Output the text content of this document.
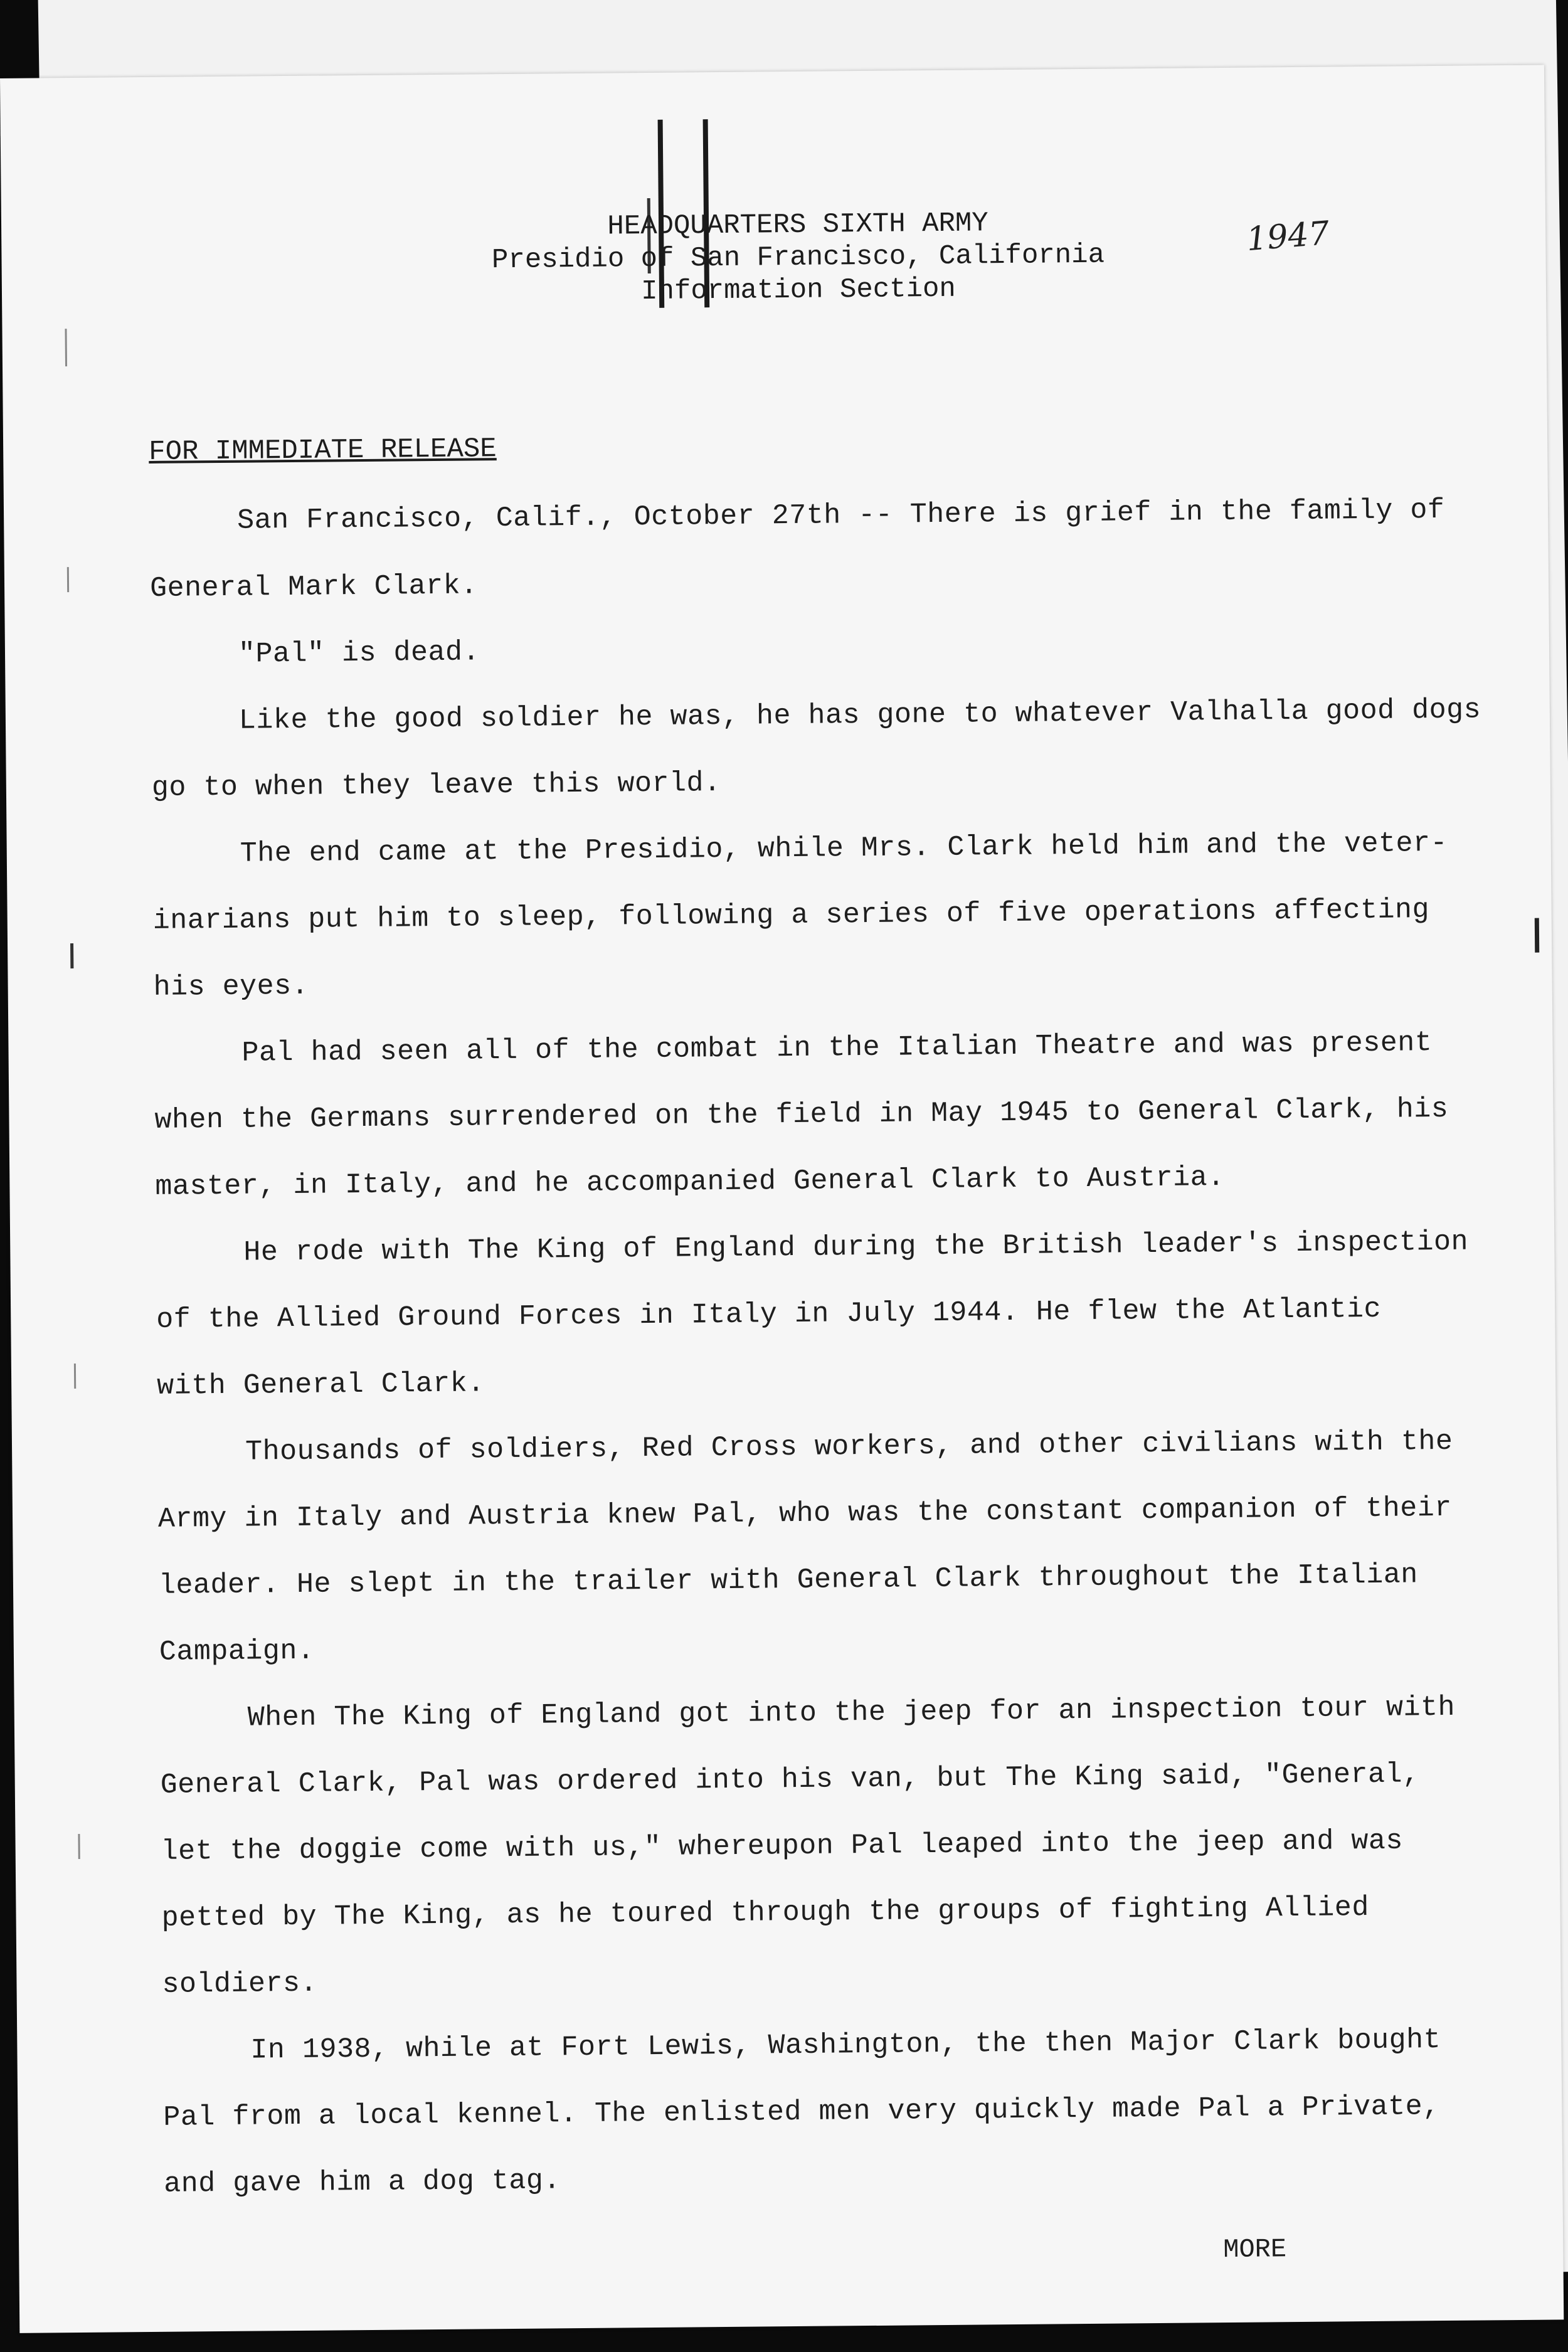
1947
HEADQUARTERS SIXTH ARMY
Presidio of San Francisco, California
Information Section
FOR IMMEDIATE RELEASE
San Francisco, Calif., October 27th -- There is grief in the family of
General Mark Clark.
"Pal" is dead.
Like the good soldier he was, he has gone to whatever Valhalla good dogs
go to when they leave this world.
The end came at the Presidio, while Mrs. Clark held him and the veter-
inarians put him to sleep, following a series of five operations affecting
his eyes.
Pal had seen all of the combat in the Italian Theatre and was present
when the Germans surrendered on the field in May 1945 to General Clark, his
master, in Italy, and he accompanied General Clark to Austria.
He rode with The King of England during the British leader's inspection
of the Allied Ground Forces in Italy in July 1944. He flew the Atlantic
with General Clark.
Thousands of soldiers, Red Cross workers, and other civilians with the
Army in Italy and Austria knew Pal, who was the constant companion of their
leader. He slept in the trailer with General Clark throughout the Italian
Campaign.
When The King of England got into the jeep for an inspection tour with
General Clark, Pal was ordered into his van, but The King said, "General,
let the doggie come with us," whereupon Pal leaped into the jeep and was
petted by The King, as he toured through the groups of fighting Allied
soldiers.
In 1938, while at Fort Lewis, Washington, the then Major Clark bought
Pal from a local kennel. The enlisted men very quickly made Pal a Private,
and gave him a dog tag.
MORE
